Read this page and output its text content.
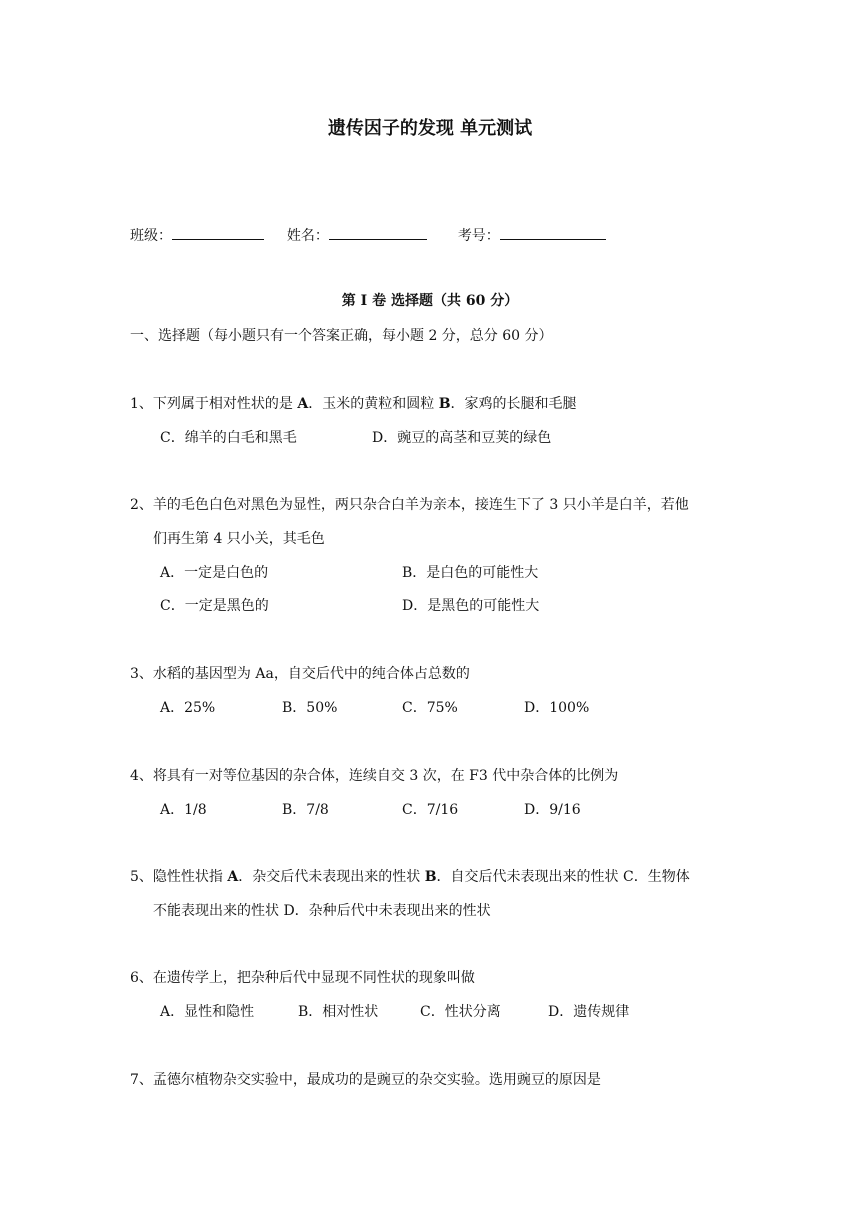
遗传因子的发现 单元测试
班级：	姓名：	考号：
第 I 卷 选择题（共 60 分）
一、选择题（每小题只有一个答案正确，每小题 2 分，总分 60 分）
1、下列属于相对性状的是 A．玉米的黄粒和圆粒 B．家鸡的长腿和毛腿
C．绵羊的白毛和黑毛	D．豌豆的高茎和豆荚的绿色
2、羊的毛色白色对黑色为显性，两只杂合白羊为亲本，接连生下了 3 只小羊是白羊，若他
们再生第 4 只小关，其毛色
A．一定是白色的	B．是白色的可能性大
C．一定是黑色的	D．是黑色的可能性大
3、水稻的基因型为 Aa，自交后代中的纯合体占总数的
A．25%	B．50%	C．75%	D．100%
4、将具有一对等位基因的杂合体，连续自交 3 次，在 F3 代中杂合体的比例为
A．1/8	B．7/8	C．7/16	D．9/16
5、隐性性状指 A．杂交后代未表现出来的性状 B．自交后代未表现出来的性状 C．生物体
不能表现出来的性状 D．杂种后代中未表现出来的性状
6、在遗传学上，把杂种后代中显现不同性状的现象叫做
A．显性和隐性	B．相对性状	C．性状分离	D．遗传规律
7、孟德尔植物杂交实验中，最成功的是豌豆的杂交实验。选用豌豆的原因是
